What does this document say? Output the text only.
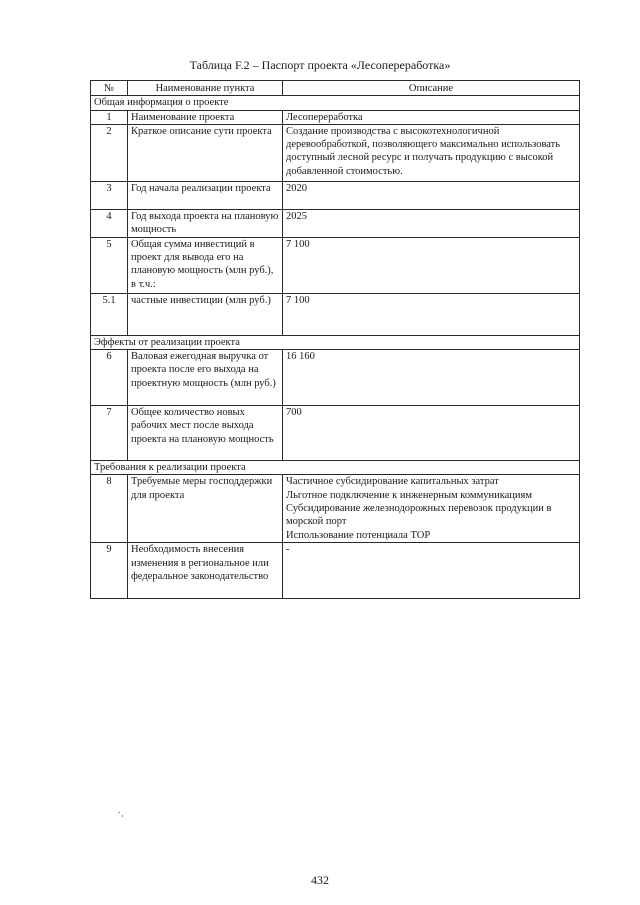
Таблица F.2 – Паспорт проекта «Лесопереработка»
№	Наименование пункта	Описание
Общая информация о проекте		
1	Наименование проекта	Лесопереработка
2	Краткое описание сути проекта	Создание производства с высокотехнологичной деревообработкой, позволяющего максимально использовать доступный лесной ресурс и получать продукцию с высокой добавленной стоимостью.
3	Год начала реализации проекта	2020
4	Год выхода проекта на плановую мощность	2025
5	Общая сумма инвестиций в проект для вывода его на плановую мощность (млн руб.), в т.ч.:	7 100
5.1	частные инвестиции (млн руб.)	7 100
Эффекты от реализации проекта		
6	Валовая ежегодная выручка от проекта после его выхода на проектную мощность (млн руб.)	16 160
7	Общее количество новых рабочих мест после выхода проекта на плановую мощность	700
Требования к реализации проекта		
8	Требуемые меры господдержки для проекта	Частичное субсидирование капитальных затрат
Льготное подключение к инженерным коммуникациям
Субсидирование железнодорожных перевозок продукции в морской порт
Использование потенциала ТОР

9	Необходимость внесения изменения в региональное или федеральное законодательство	-
432
